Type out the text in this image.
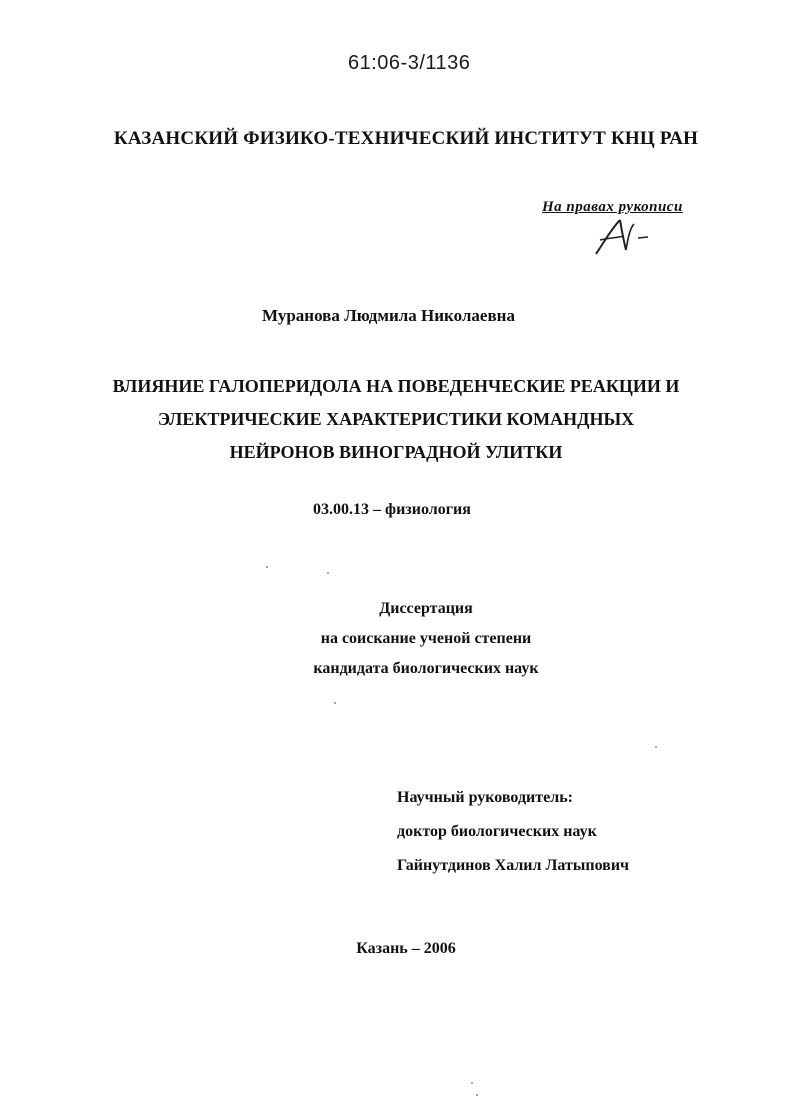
61:06-3/1136
КАЗАНСКИЙ ФИЗИКО-ТЕХНИЧЕСКИЙ ИНСТИТУТ КНЦ РАН
На правах рукописи
Муранова Людмила Николаевна
ВЛИЯНИЕ ГАЛОПЕРИДОЛА НА ПОВЕДЕНЧЕСКИЕ РЕАКЦИИ И
ЭЛЕКТРИЧЕСКИЕ ХАРАКТЕРИСТИКИ КОМАНДНЫХ
НЕЙРОНОВ ВИНОГРАДНОЙ УЛИТКИ
03.00.13 – физиология
Диссертация
на соискание ученой степени
кандидата биологических наук
Научный руководитель:
доктор биологических наук
Гайнутдинов Халил Латыпович
Казань – 2006
